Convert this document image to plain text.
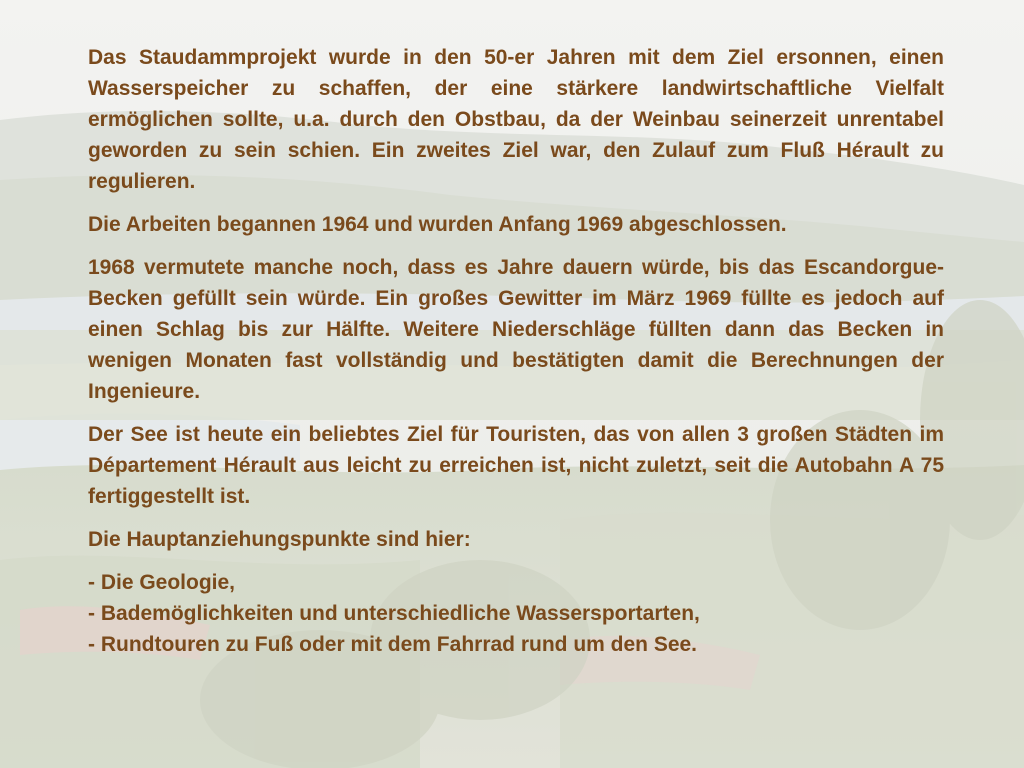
Das Staudammprojekt wurde in den 50-er Jahren mit dem Ziel ersonnen, einen Wasserspeicher zu schaffen, der eine stärkere landwirtschaftliche Vielfalt ermöglichen sollte, u.a. durch den Obstbau, da der Weinbau seinerzeit unrentabel geworden zu sein schien. Ein zweites Ziel war, den Zulauf zum Fluß Hérault zu regulieren.

Die Arbeiten begannen 1964 und wurden Anfang 1969 abgeschlossen.

1968 vermutete manche noch, dass es Jahre dauern würde, bis das Escandorgue-Becken gefüllt sein würde. Ein großes Gewitter im März 1969 füllte es jedoch auf einen Schlag bis zur Hälfte. Weitere Niederschläge füllten dann das Becken in wenigen Monaten fast vollständig und bestätigten damit die Berechnungen der Ingenieure.

Der See ist heute ein beliebtes Ziel für Touristen, das von allen 3 großen Städten im Département Hérault aus leicht zu erreichen ist, nicht zuletzt, seit die Autobahn A 75 fertiggestellt ist.

Die Hauptanziehungspunkte sind hier:

- Die Geologie,
- Bademöglichkeiten und unterschiedliche Wassersportarten,
- Rundtouren zu Fuß oder mit dem Fahrrad rund um den See.
